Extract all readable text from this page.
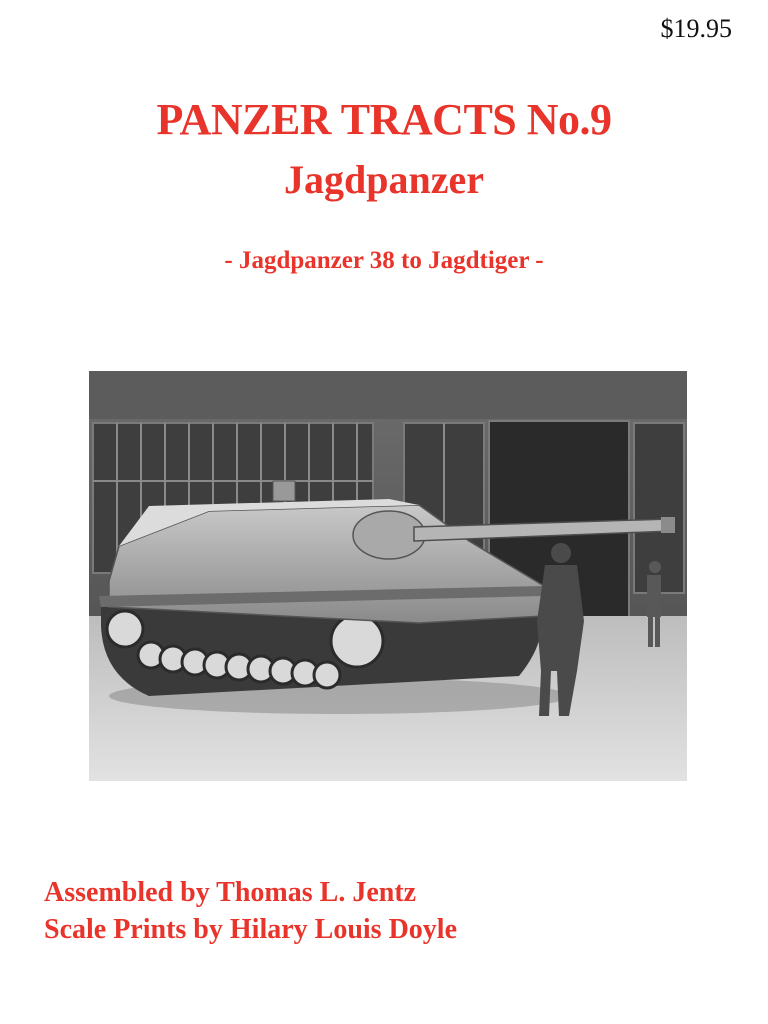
$19.95
PANZER TRACTS No.9
Jagdpanzer
- Jagdpanzer 38 to Jagdtiger -
Assembled by Thomas L. Jentz
Scale Prints by Hilary Louis Doyle
